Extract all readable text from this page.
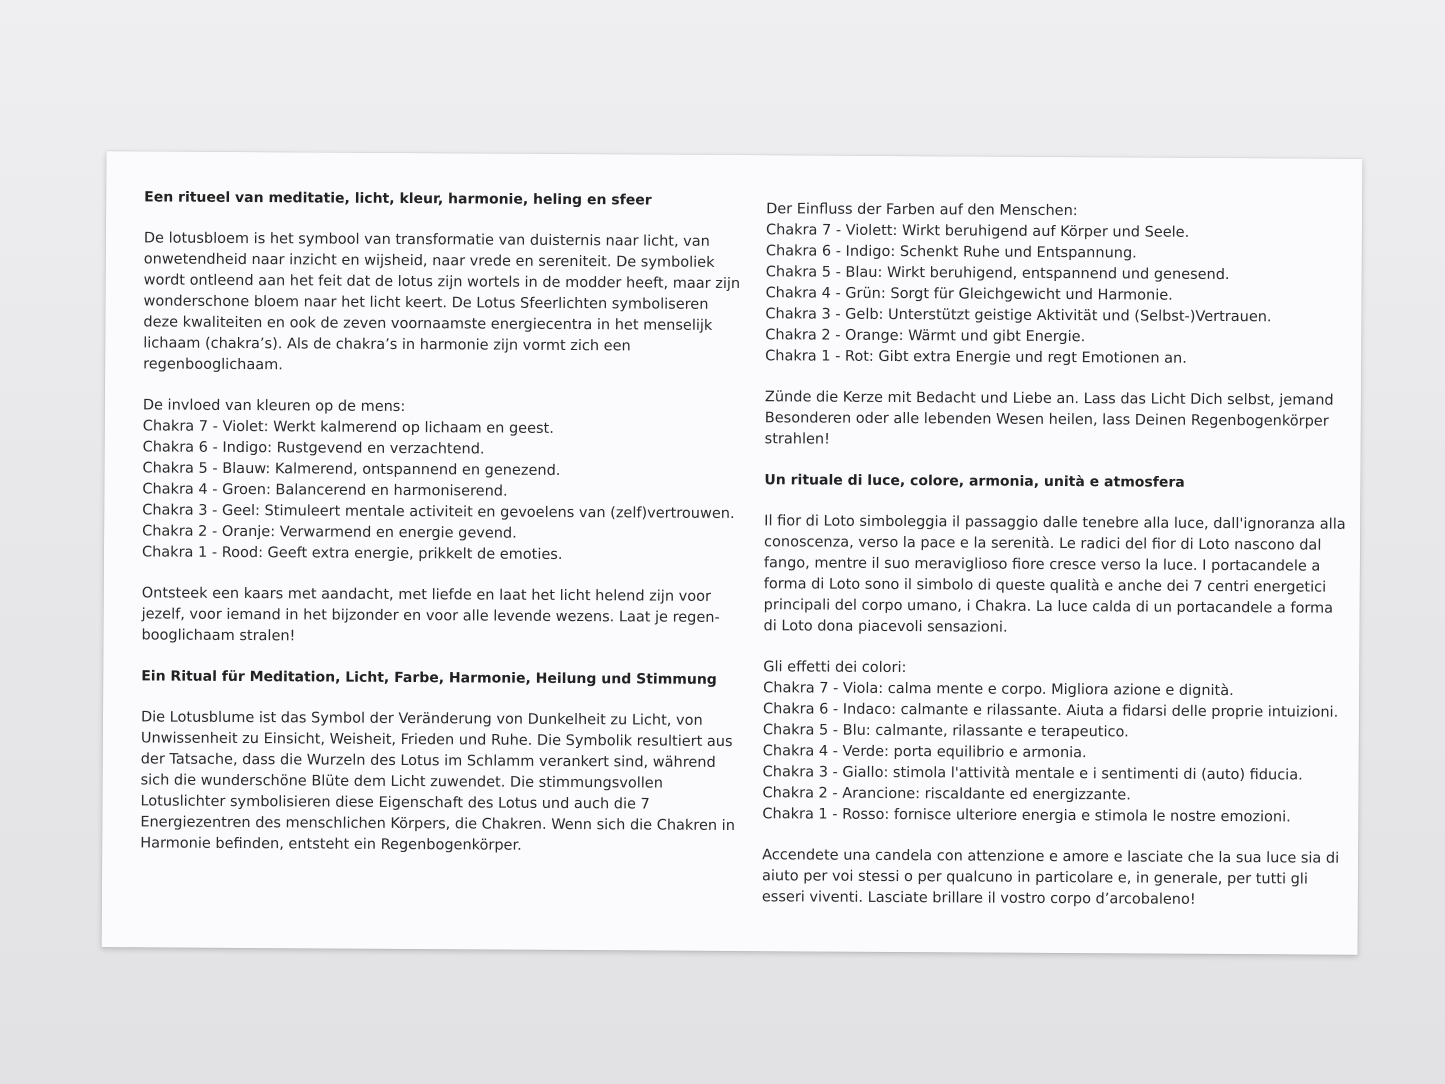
Een ritueel van meditatie, licht, kleur, harmonie, heling en sfeer
De lotusbloem is het symbool van transformatie van duisternis naar licht, van onwetendheid naar inzicht en wijsheid, naar vrede en sereniteit. De symboliek wordt ontleend aan het feit dat de lotus zijn wortels in de modder heeft, maar zijn wonderschone bloem naar het licht keert. De Lotus Sfeerlichten symboliseren deze kwaliteiten en ook de zeven voornaamste energiecentra in het menselijk lichaam (chakra’s). Als de chakra’s in harmonie zijn vormt zich een regenbooglichaam.
De invloed van kleuren op de mens:
Chakra 7 - Violet: Werkt kalmerend op lichaam en geest.
Chakra 6 - Indigo: Rustgevend en verzachtend.
Chakra 5 - Blauw: Kalmerend, ontspannend en genezend.
Chakra 4 - Groen: Balancerend en harmoniserend.
Chakra 3 - Geel: Stimuleert mentale activiteit en gevoelens van (zelf)vertrouwen.
Chakra 2 - Oranje: Verwarmend en energie gevend.
Chakra 1 - Rood: Geeft extra energie, prikkelt de emoties.
Ontsteek een kaars met aandacht, met liefde en laat het licht helend zijn voor jezelf, voor iemand in het bijzonder en voor alle levende wezens. Laat je regen-booglichaam stralen!
Ein Ritual für Meditation, Licht, Farbe, Harmonie, Heilung und Stimmung
Die Lotusblume ist das Symbol der Veränderung von Dunkelheit zu Licht, von Unwissenheit zu Einsicht, Weisheit, Frieden und Ruhe. Die Symbolik resultiert aus der Tatsache, dass die Wurzeln des Lotus im Schlamm verankert sind, während sich die wunderschöne Blüte dem Licht zuwendet. Die stimmungsvollen Lotuslichter symbolisieren diese Eigenschaft des Lotus und auch die 7 Energiezentren des menschlichen Körpers, die Chakren. Wenn sich die Chakren in Harmonie befinden, entsteht ein Regenbogenkörper.
Der Einfluss der Farben auf den Menschen:
Chakra 7 - Violett: Wirkt beruhigend auf Körper und Seele.
Chakra 6 - Indigo: Schenkt Ruhe und Entspannung.
Chakra 5 - Blau: Wirkt beruhigend, entspannend und genesend.
Chakra 4 - Grün: Sorgt für Gleichgewicht und Harmonie.
Chakra 3 - Gelb: Unterstützt geistige Aktivität und (Selbst-)Vertrauen.
Chakra 2 - Orange: Wärmt und gibt Energie.
Chakra 1 - Rot: Gibt extra Energie und regt Emotionen an.
Zünde die Kerze mit Bedacht und Liebe an. Lass das Licht Dich selbst, jemand Besonderen oder alle lebenden Wesen heilen, lass Deinen Regenbogenkörper strahlen!
Un rituale di luce, colore, armonia, unità e atmosfera
Il fior di Loto simboleggia il passaggio dalle tenebre alla luce, dall'ignoranza alla conoscenza, verso la pace e la serenità. Le radici del fior di Loto nascono dal fango, mentre il suo meraviglioso fiore cresce verso la luce. I portacandele a forma di Loto sono il simbolo di queste qualità e anche dei 7 centri energetici principali del corpo umano, i Chakra. La luce calda di un portacandele a forma di Loto dona piacevoli sensazioni.
Gli effetti dei colori:
Chakra 7 - Viola: calma mente e corpo. Migliora azione e dignità.
Chakra 6 - Indaco: calmante e rilassante. Aiuta a fidarsi delle proprie intuizioni.
Chakra 5 - Blu: calmante, rilassante e terapeutico.
Chakra 4 - Verde: porta equilibrio e armonia.
Chakra 3 - Giallo: stimola l'attività mentale e i sentimenti di (auto) fiducia.
Chakra 2 - Arancione: riscaldante ed energizzante.
Chakra 1 - Rosso: fornisce ulteriore energia e stimola le nostre emozioni.
Accendete una candela con attenzione e amore e lasciate che la sua luce sia di aiuto per voi stessi o per qualcuno in particolare e, in generale, per tutti gli esseri viventi. Lasciate brillare il vostro corpo d’arcobaleno!
